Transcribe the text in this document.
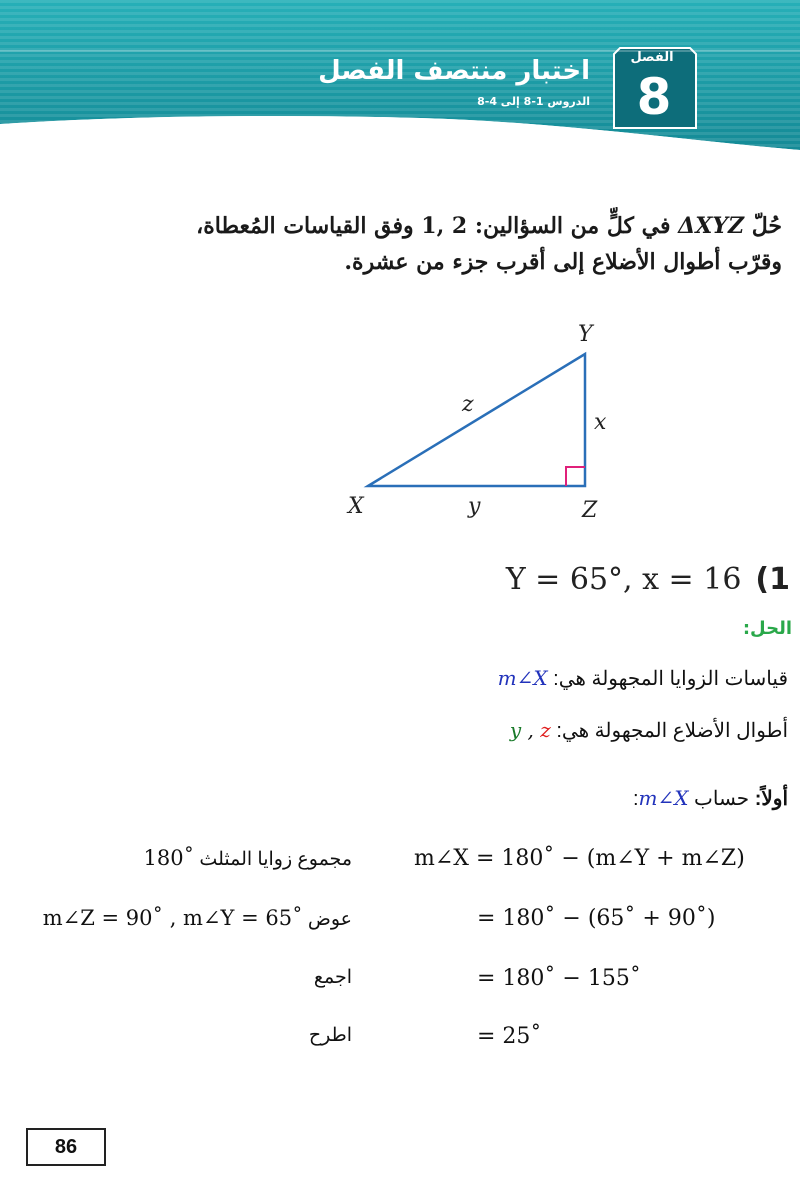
الفصل
8
اختبار منتصف الفصل
الدروس 1-8 إلى 4-8
حُلّ ΔXYZ في كلٍّ من السؤالين: 2 ,1 وفق القياسات المُعطاة،
وقرّب أطوال الأضلاع إلى أقرب جزء من عشرة.
Y
X	Z
z
x
y
Y = 65°, x = 16 (1
الحل:
قياسات الزوايا المجهولة هي: m∠X
أطوال الأضلاع المجهولة هي: z , y
أولاً: حساب m∠X:
m∠X = 180˚ − (m∠Y + m∠Z)
= 180˚ − (65˚ + 90˚)
= 180˚ − 155˚
= 25˚
مجموع زوايا المثلث 180˚
عوض m∠Z = 90˚ , m∠Y = 65˚
اجمع
اطرح
86
